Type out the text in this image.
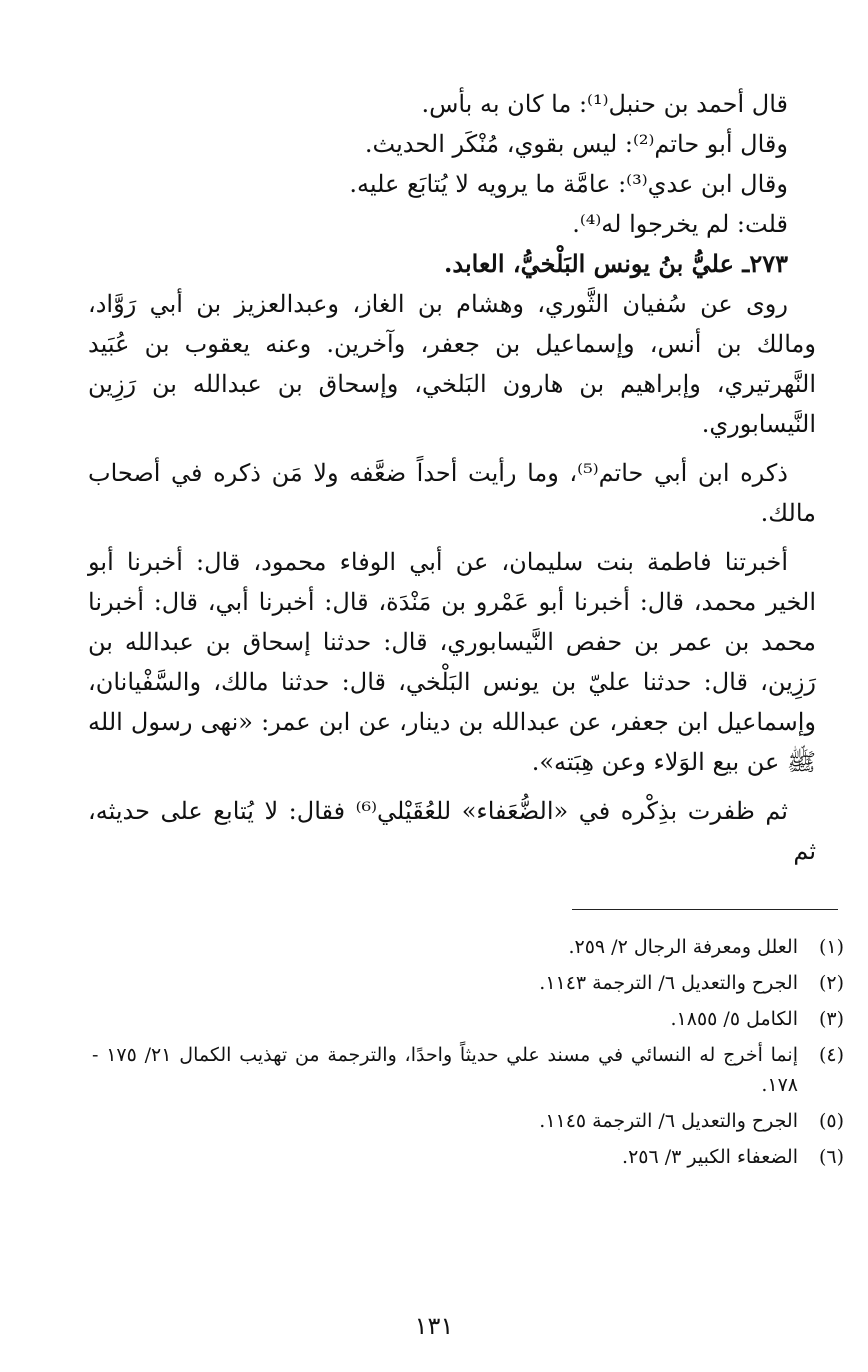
قال أحمد بن حنبل⁽¹⁾: ما كان به بأس.

وقال أبو حاتم⁽²⁾: ليس بقوي، مُنْكَر الحديث.

وقال ابن عدي⁽³⁾: عامَّة ما يرويه لا يُتابَع عليه.

قلت: لم يخرجوا له⁽⁴⁾.

٢٧٣ـ عليُّ بنُ يونس البَلْخيُّ، العابد.

روى عن سُفيان الثَّوري، وهشام بن الغاز، وعبدالعزيز بن أبي رَوَّاد، ومالك بن أنس، وإسماعيل بن جعفر، وآخرين. وعنه يعقوب بن عُبَيد النَّهرتيري، وإبراهيم بن هارون البَلخي، وإسحاق بن عبدالله بن رَزِين النَّيسابوري.

ذكره ابن أبي حاتم⁽⁵⁾، وما رأيت أحداً ضعَّفه ولا مَن ذكره في أصحاب مالك.

أخبرتنا فاطمة بنت سليمان، عن أبي الوفاء محمود، قال: أخبرنا أبو الخير محمد، قال: أخبرنا أبو عَمْرو بن مَنْدَة، قال: أخبرنا أبي، قال: أخبرنا محمد بن عمر بن حفص النَّيسابوري، قال: حدثنا إسحاق بن عبدالله بن رَزِين، قال: حدثنا عليّ بن يونس البَلْخي، قال: حدثنا مالك، والسَّفْيانان، وإسماعيل ابن جعفر، عن عبدالله بن دينار، عن ابن عمر: «نهى رسول الله ﷺ عن بيع الوَلاء وعن هِبَته».

ثم ظفرت بذِكْره في «الضُّعَفاء» للعُقَيْلي⁽⁶⁾ فقال: لا يُتابع على حديثه، ثم

(١)
العلل ومعرفة الرجال ٢/ ٢٥٩.
(٢)
الجرح والتعديل ٦/ الترجمة ١١٤٣.
(٣)
الكامل ٥/ ١٨٥٥.
(٤)
إنما أخرج له النسائي في مسند علي حديثاً واحدًا، والترجمة من تهذيب الكمال ٢١/ ١٧٥ - ١٧٨.
(٥)
الجرح والتعديل ٦/ الترجمة ١١٤٥.
(٦)
الضعفاء الكبير ٣/ ٢٥٦.
١٣١
